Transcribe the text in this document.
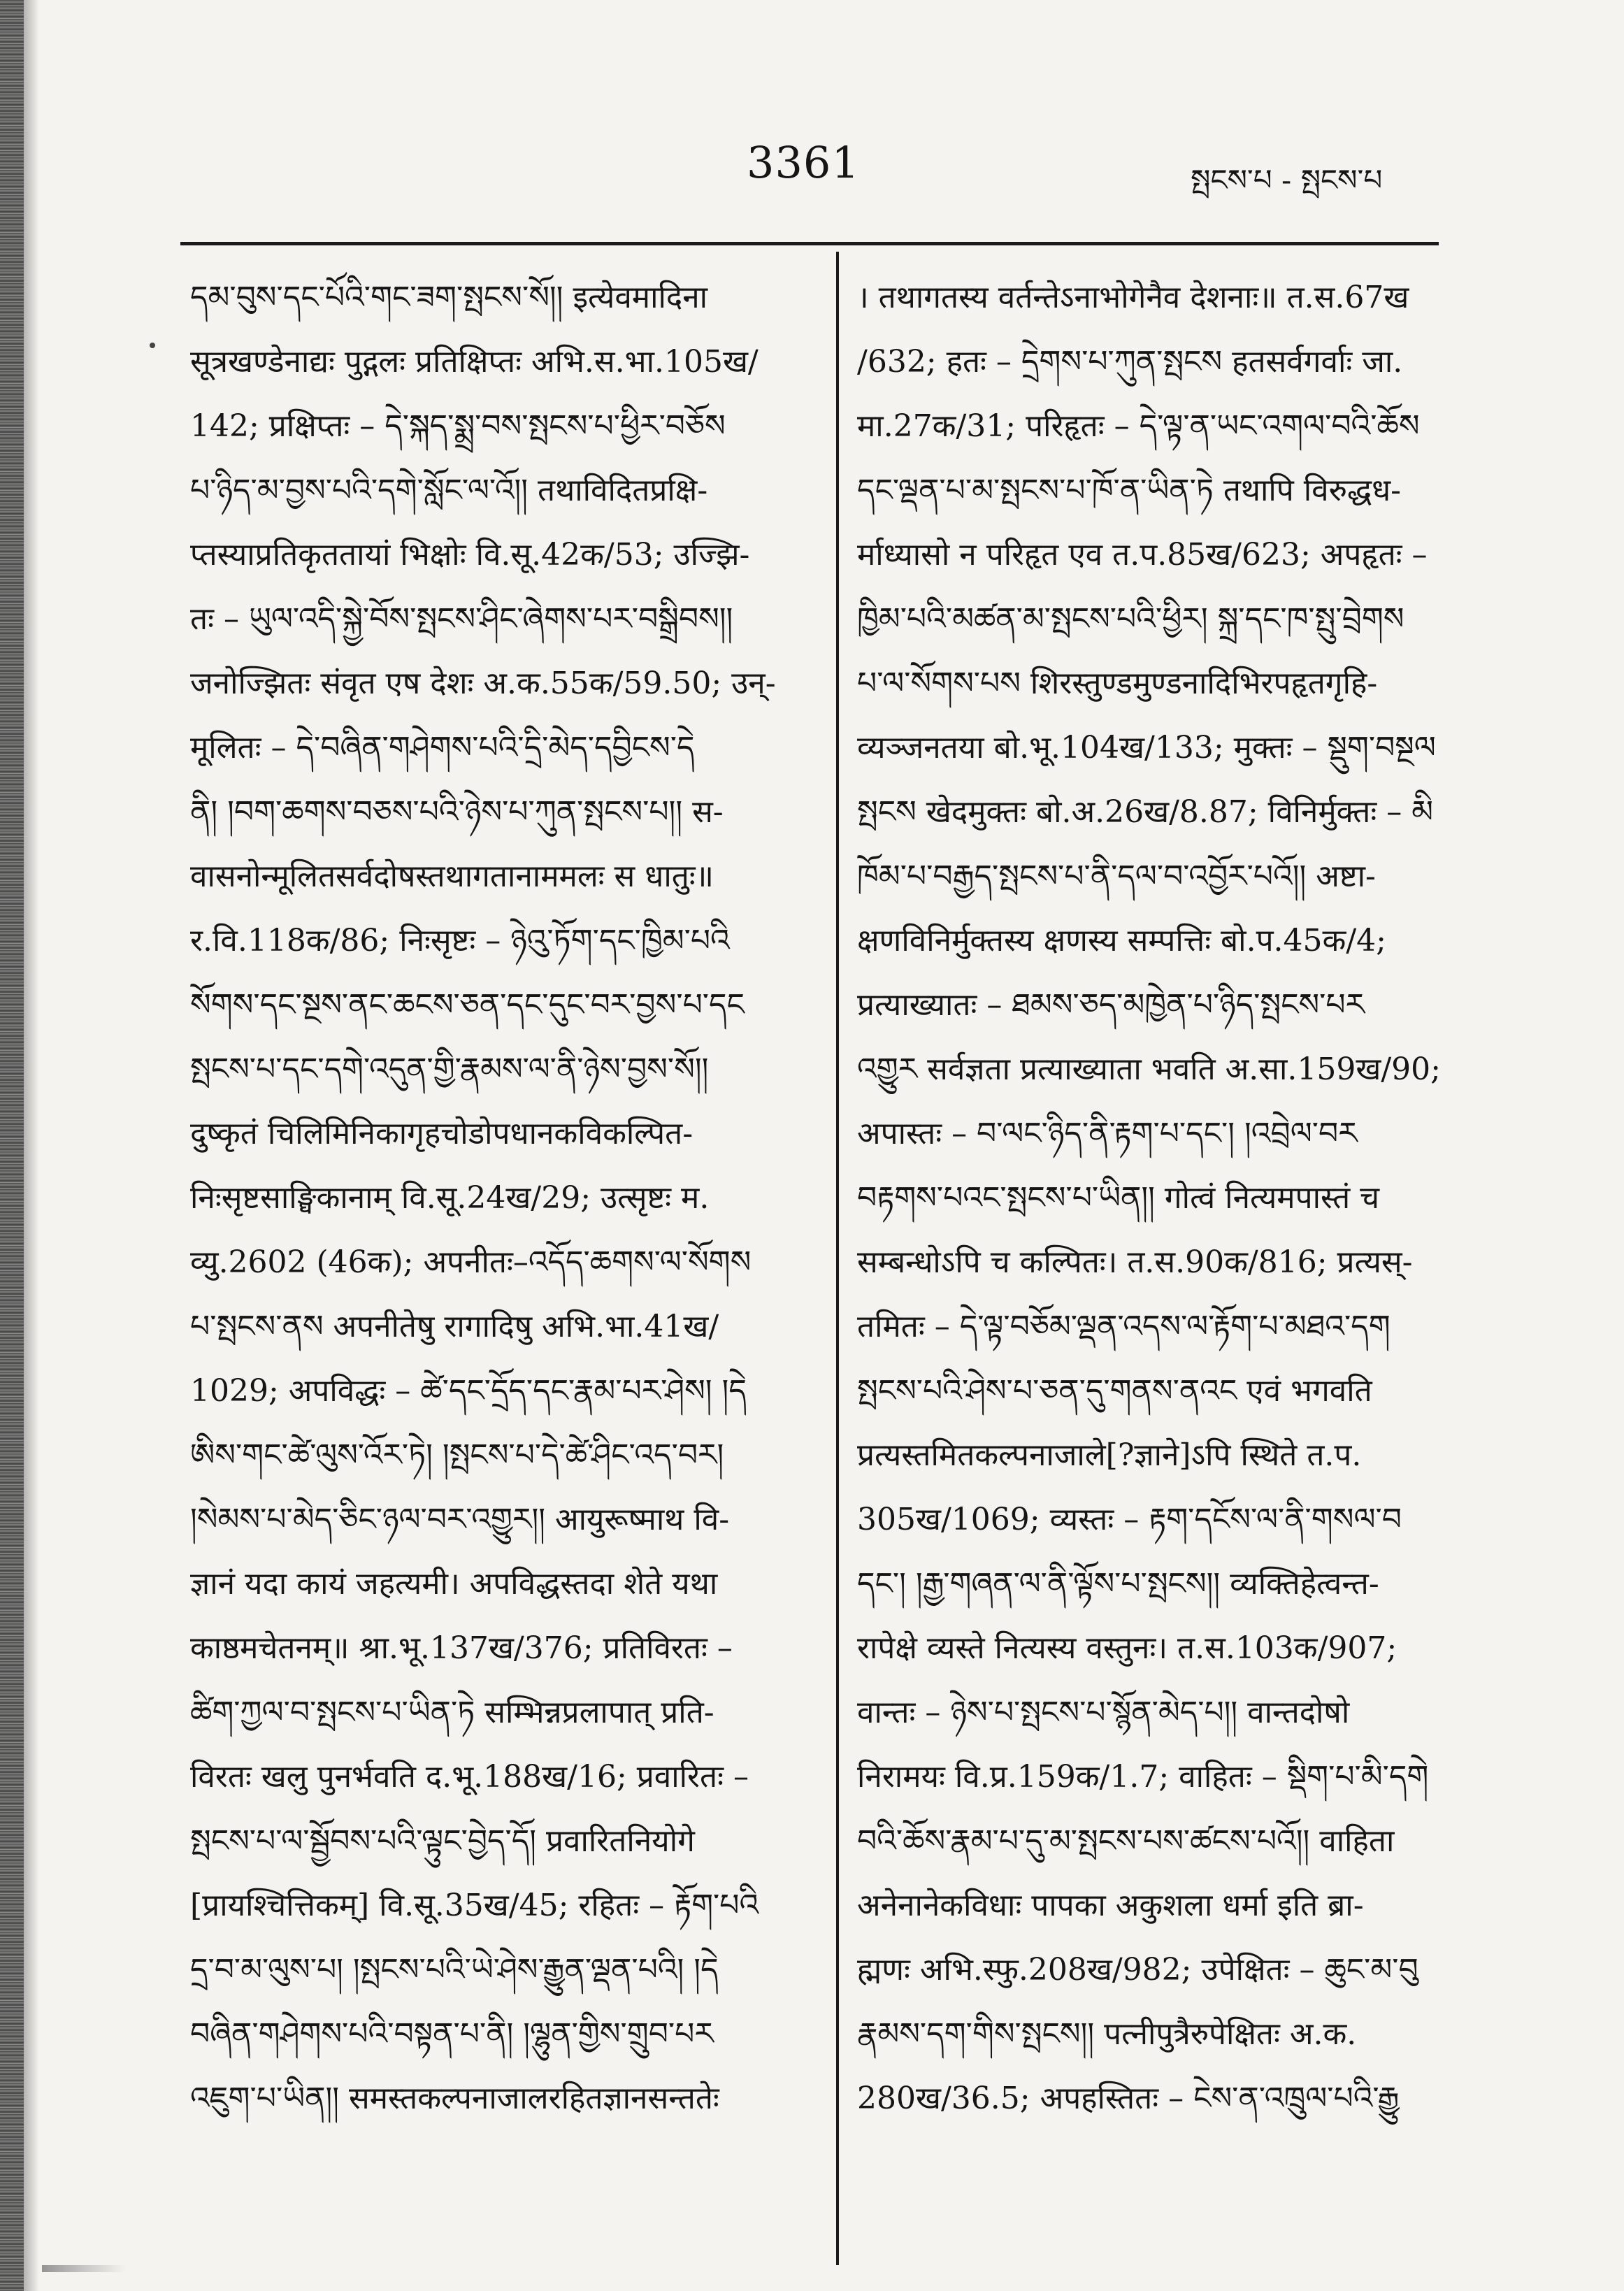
3361	སྤངས་པ - སྤངས་པ
དམ་བུས་དང་པོའི་གང་ཟག་སྤངས་སོ།། इत्येवमादिना
सूत्रखण्डेनाद्यः पुद्गलः प्रतिक्षिप्तः अभि.स.भा.105ख/
142; प्रक्षिप्तः – དེ་སྐད་སྨྲ་བས་སྤངས་པ་ཕྱིར་བཅོས
པ་ཉིད་མ་བྱས་པའི་དགེ་སློང་ལ་འོ།། तथाविदितप्रक्षि-
प्तस्याप्रतिकृततायां भिक्षोः वि.सू.42क/53; उज्झि-
तः – ཡུལ་འདི་སྐྱེ་བོས་སྤངས་ཤིང་ཞེགས་པར་བསྒྲིབས།།
जनोज्झितः संवृत एष देशः अ.क.55क/59.50; उन्-
मूलितः – དེ་བཞིན་གཤེགས་པའི་དྲི་མེད་དབྱིངས་དེ
ནི། །བག་ཆགས་བཅས་པའི་ཉེས་པ་ཀུན་སྤངས་པ།། स-
वासनोन्मूलितसर्वदोषस्तथागतानाममलः स धातुः॥
र.वि.118क/86; निःसृष्टः – ཉེའུ་ཏོག་དང་ཁྱིམ་པའི
སོགས་དང་སྔས་ནང་ཆངས་ཅན་དང་དུང་བར་བྱས་པ་དང
སྤངས་པ་དང་དགེ་འདུན་གྱི་རྣམས་ལ་ནི་ཉེས་བྱས་སོ།།
दुष्कृतं चिलिमिनिकागृहचोडोपधानकविकल्पित-
निःसृष्टसाङ्घिकानाम् वि.सू.24ख/29; उत्सृष्टः म.
व्यु.2602 (46क); अपनीतः–འདོད་ཆགས་ལ་སོགས
པ་སྤངས་ནས अपनीतेषु रागादिषु अभि.भा.41ख/
1029; अपविद्धः – ཚེ་དང་དྲོད་དང་རྣམ་པར་ཤེས། །དེ
ཨིས་གང་ཚེ་ལུས་འོར་ཏེ། །སྤངས་པ་དེ་ཚེ་ཤིང་འད་བར།
།སེམས་པ་མེད་ཅིང་ཉལ་བར་འགྱུར།། आयुरूष्माथ वि-
ज्ञानं यदा कायं जहत्यमी। अपविद्धस्तदा शेते यथा
काष्ठमचेतनम्॥ श्रा.भू.137ख/376; प्रतिविरतः –
ཚིག་ཀྱལ་བ་སྤངས་པ་ཡིན་ཏེ सम्भिन्नप्रलापात् प्रति-
विरतः खलु पुनर्भवति द.भू.188ख/16; प्रवारितः –
སྤངས་པ་ལ་སྦྱོབས་པའི་ལྟུང་བྱེད་དོ། प्रवारितनियोगे
[प्रायश्चित्तिकम्] वि.सू.35ख/45; रहितः – རྟོག་པའི
དྲ་བ་མ་ལུས་པ། །སྤངས་པའི་ཡེ་ཤེས་རྒྱུན་ལྡན་པའི། །དེ
བཞིན་གཤེགས་པའི་བསྟན་པ་ནི། །ལྷུན་གྱིས་གྲུབ་པར
འཇུག་པ་ཡིན།། समस्तकल्पनाजालरहितज्ञानसन्ततेः
। तथागतस्य वर्तन्तेऽनाभोगेनैव देशनाः॥ त.स.67ख
/632; हतः – དྲེགས་པ་ཀུན་སྤངས हतसर्वगर्वाः जा.
मा.27क/31; परिहृतः – དེ་ལྟ་ན་ཡང་འགལ་བའི་ཆོས
དང་ལྡན་པ་མ་སྤངས་པ་ཁོ་ན་ཡིན་ཏེ तथापि विरुद्धध-
र्माध्यासो न परिहृत एव त.प.85ख/623; अपहृतः –
ཁྱིམ་པའི་མཚན་མ་སྤངས་པའི་ཕྱིར། སྐྲ་དང་ཁ་སྤུ་བྲེགས
པ་ལ་སོགས་པས शिरस्तुण्डमुण्डनादिभिरपहृतगृहि-
व्यञ्जनतया बो.भू.104ख/133; मुक्तः – སྡུག་བསྔལ
སྤངས खेदमुक्तः बो.अ.26ख/8.87; विनिर्मुक्तः – མི
ཁོམ་པ་བརྒྱད་སྤངས་པ་ནི་དལ་བ་འབྱོར་པའོ།། अष्टा-
क्षणविनिर्मुक्तस्य क्षणस्य सम्पत्तिः बो.प.45क/4;
प्रत्याख्यातः – ཐམས་ཅད་མཁྱེན་པ་ཉིད་སྤངས་པར
འགྱུར सर्वज्ञता प्रत्याख्याता भवति अ.सा.159ख/90;
अपास्तः – བ་ལང་ཉིད་ནི་རྟག་པ་དང་། །འབྲེལ་བར
བརྟགས་པའང་སྤངས་པ་ཡིན།། गोत्वं नित्यमपास्तं च
सम्बन्धोऽपि च कल्पितः। त.स.90क/816; प्रत्यस्-
तमितः – དེ་ལྟ་བཅོམ་ལྡན་འདས་ལ་རྟོག་པ་མཐའ་དག
སྤངས་པའི་ཤེས་པ་ཅན་དུ་གནས་ནའང एवं भगवति
प्रत्यस्तमितकल्पनाजाले[?ज्ञाने]ऽपि स्थिते त.प.
305ख/1069; व्यस्तः – རྟག་དངོས་ལ་ནི་གསལ་བ
དང་། །རྒྱ་གཞན་ལ་ནི་ལྟོས་པ་སྤངས།། व्यक्तिहेत्वन्त-
रापेक्षे व्यस्ते नित्यस्य वस्तुनः। त.स.103क/907;
वान्तः – ཉེས་པ་སྤངས་པ་སྙོན་མེད་པ།། वान्तदोषो
निरामयः वि.प्र.159क/1.7; वाहितः – སྡིག་པ་མི་དགེ
བའི་ཆོས་རྣམ་པ་དུ་མ་སྤངས་པས་ཚངས་པའོ།། वाहिता
अनेनानेकविधाः पापका अकुशला धर्मा इति ब्रा-
ह्मणः अभि.स्फु.208ख/982; उपेक्षितः – ཆུང་མ་བུ
རྣམས་དག་གིས་སྤངས།། पत्नीपुत्रैरुपेक्षितः अ.क.
280ख/36.5; अपहस्तितः – ངེས་ན་འཁྲུལ་པའི་རྒྱུ
